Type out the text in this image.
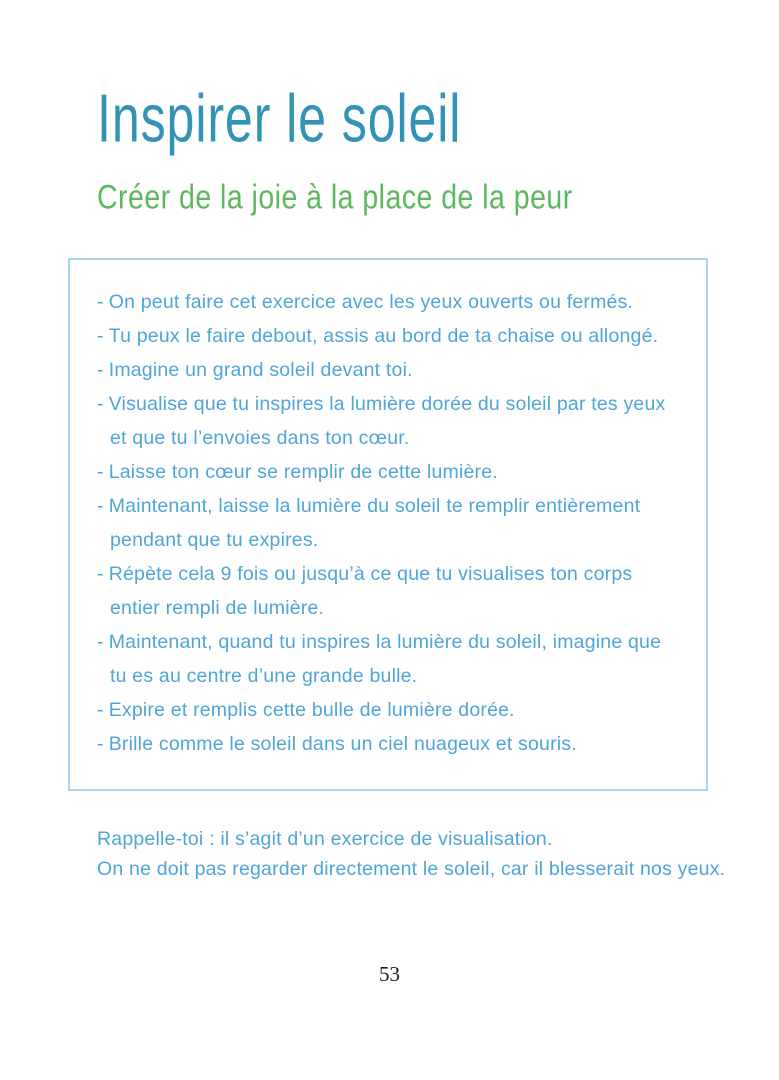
Inspirer le soleil
Créer de la joie à la place de la peur
- On peut faire cet exercice avec les yeux ouverts ou fermés.
- Tu peux le faire debout, assis au bord de ta chaise ou allongé.
- Imagine un grand soleil devant toi.
- Visualise que tu inspires la lumière dorée du soleil par tes yeux et que tu l’envoies dans ton cœur.
- Laisse ton cœur se remplir de cette lumière.
- Maintenant, laisse la lumière du soleil te remplir entièrement pendant que tu expires.
- Répète cela 9 fois ou jusqu’à ce que tu visualises ton corps entier rempli de lumière.
- Maintenant, quand tu inspires la lumière du soleil, imagine que tu es au centre d’une grande bulle.
- Expire et remplis cette bulle de lumière dorée.
- Brille comme le soleil dans un ciel nuageux et souris.
Rappelle-toi : il s’agit d’un exercice de visualisation.
On ne doit pas regarder directement le soleil, car il blesserait nos yeux.
53
